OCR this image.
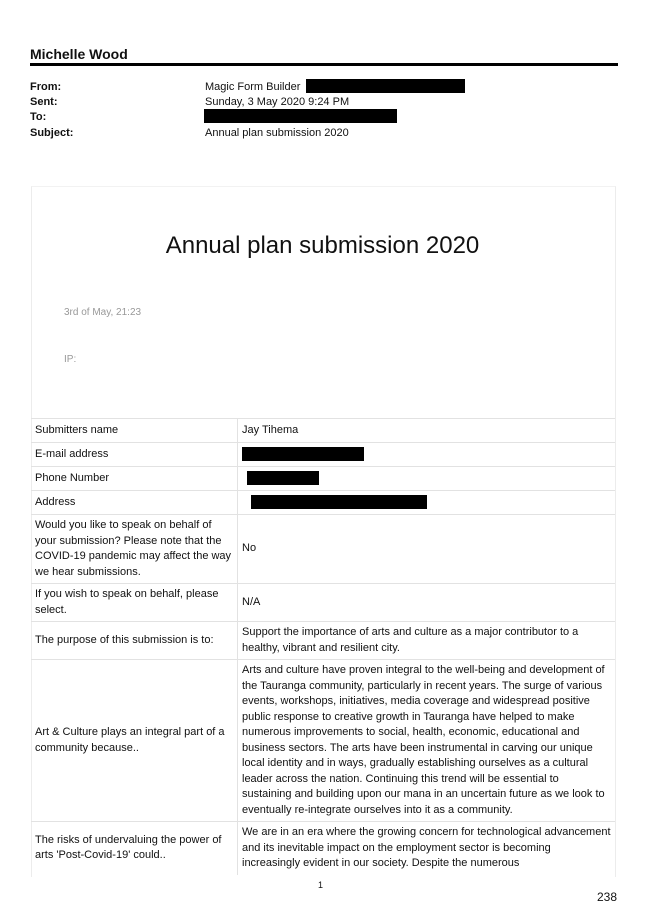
Michelle Wood
From:	Magic Form Builder
Sent:	Sunday, 3 May 2020 9:24 PM
To:
Subject:	Annual plan submission 2020
Annual plan submission 2020
3rd of May, 21:23
IP:
Submitters name	Jay Tihema
E-mail address	
Phone Number	
Address	
Would you like to speak on behalf of your submission? Please note that the COVID-19 pandemic may affect the way we hear submissions.	No
If you wish to speak on behalf, please select.	N/A
The purpose of this submission is to:	Support the importance of arts and culture as a major contributor to a healthy, vibrant and resilient city.
Art & Culture plays an integral part of a community because..	Arts and culture have proven integral to the well-being and development of the Tauranga community, particularly in recent years. The surge of various events, workshops, initiatives, media coverage and widespread positive public response to creative growth in Tauranga have helped to make numerous improvements to social, health, economic, educational and business sectors. The arts have been instrumental in carving our unique local identity and in ways, gradually establishing ourselves as a cultural leader across the nation. Continuing this trend will be essential to sustaining and building upon our mana in an uncertain future as we look to eventually re-integrate ourselves into it as a community.
The risks of undervaluing the power of arts 'Post-Covid-19' could..	We are in an era where the growing concern for technological advancement and its inevitable impact on the employment sector is becoming increasingly evident in our society. Despite the numerous
1
238
